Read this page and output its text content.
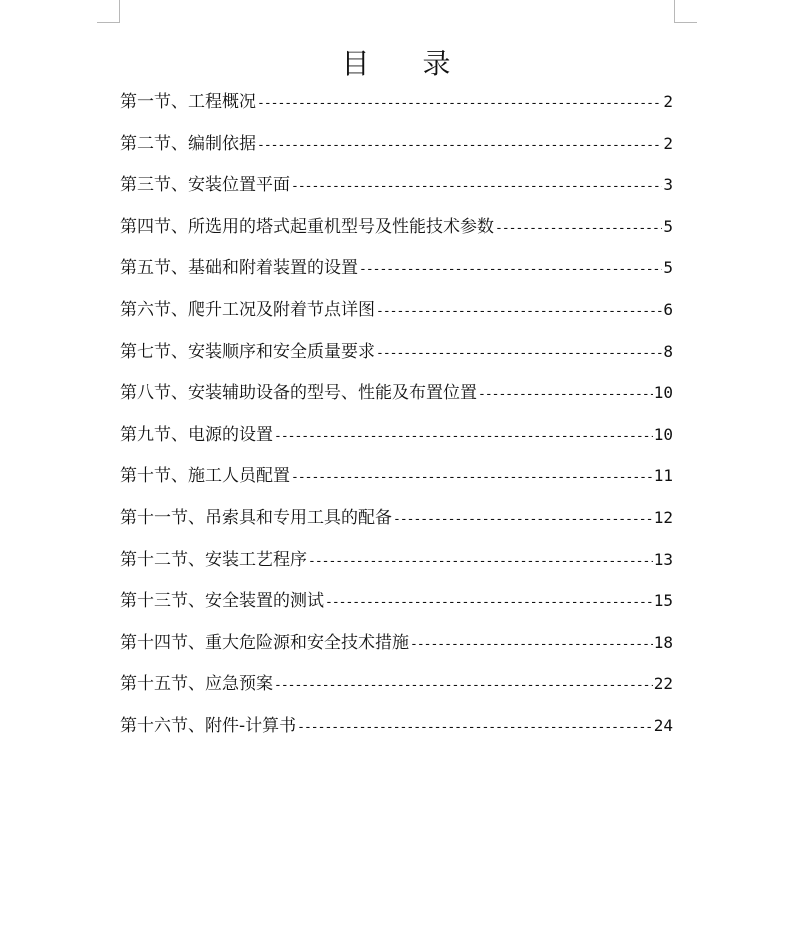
目 录
第一节、工程概况 -----	2
第二节、编制依据 -----	2
第三节、安装位置平面 -----	3
第四节、所选用的塔式起重机型号及性能技术参数 -----	5
第五节、基础和附着装置的设置 -----	5
第六节、爬升工况及附着节点详图 -----	6
第七节、安装顺序和安全质量要求 -----	8
第八节、安装辅助设备的型号、性能及布置位置 -----	10
第九节、电源的设置 -----	10
第十节、施工人员配置 -----	11
第十一节、吊索具和专用工具的配备 -----	12
第十二节、安装工艺程序 -----	13
第十三节、安全装置的测试 -----	15
第十四节、重大危险源和安全技术措施 -----	18
第十五节、应急预案 -----	22
第十六节、附件-计算书 -----	24
